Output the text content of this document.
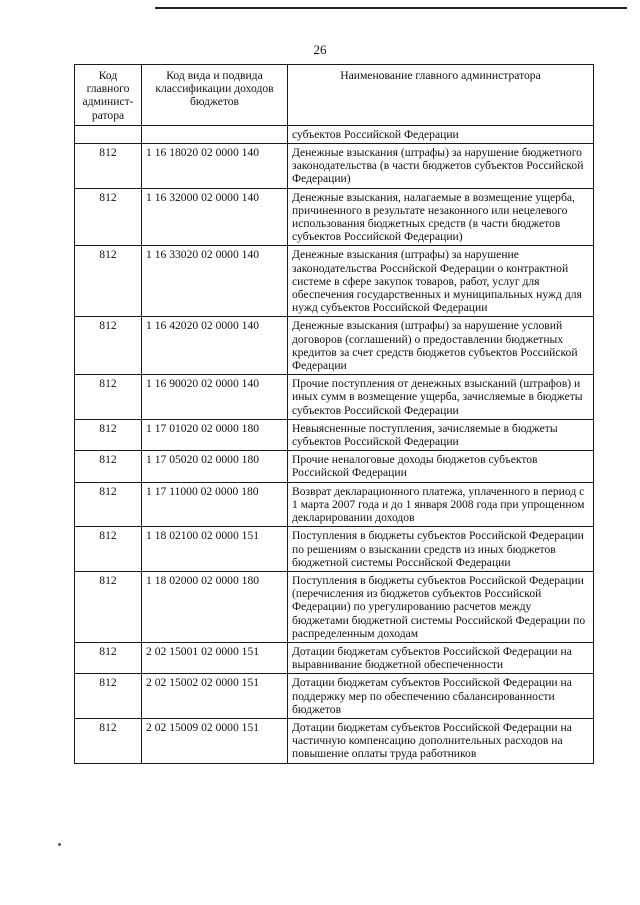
26
Код главного админист-ратора	Код вида и подвида классификации доходов бюджетов	Наименование главного администратора
		субъектов Российской Федерации
812	1 16 18020 02 0000 140	Денежные взыскания (штрафы) за нарушение бюджетного законодательства (в части бюджетов субъектов Российской Федерации)
812	1 16 32000 02 0000 140	Денежные взыскания, налагаемые в возмещение ущерба, причиненного в результате незаконного или нецелевого использования бюджетных средств (в части бюджетов субъектов Российской Федерации)
812	1 16 33020 02 0000 140	Денежные взыскания (штрафы) за нарушение законодательства Российской Федерации о контрактной системе в сфере закупок товаров, работ, услуг для обеспечения государственных и муниципальных нужд для нужд субъектов Российской Федерации
812	1 16 42020 02 0000 140	Денежные взыскания (штрафы) за нарушение условий договоров (соглашений) о предоставлении бюджетных кредитов за счет средств бюджетов субъектов Российской Федерации
812	1 16 90020 02 0000 140	Прочие поступления от денежных взысканий (штрафов) и иных сумм в возмещение ущерба, зачисляемые в бюджеты субъектов Российской Федерации
812	1 17 01020 02 0000 180	Невыясненные поступления, зачисляемые в бюджеты субъектов Российской Федерации
812	1 17 05020 02 0000 180	Прочие неналоговые доходы бюджетов субъектов Российской Федерации
812	1 17 11000 02 0000 180	Возврат декларационного платежа, уплаченного в период с 1 марта 2007 года и до 1 января 2008 года при упрощенном декларировании доходов
812	1 18 02100 02 0000 151	Поступления в бюджеты субъектов Российской Федерации по решениям о взыскании средств из иных бюджетов бюджетной системы Российской Федерации
812	1 18 02000 02 0000 180	Поступления в бюджеты субъектов Российской Федерации (перечисления из бюджетов субъектов Российской Федерации) по урегулированию расчетов между бюджетами бюджетной системы Российской Федерации по распределенным доходам
812	2 02 15001 02 0000 151	Дотации бюджетам субъектов Российской Федерации на выравнивание бюджетной обеспеченности
812	2 02 15002 02 0000 151	Дотации бюджетам субъектов Российской Федерации на поддержку мер по обеспечению сбалансированности бюджетов
812	2 02 15009 02 0000 151	Дотации бюджетам субъектов Российской Федерации на частичную компенсацию дополнительных расходов на повышение оплаты труда работников
